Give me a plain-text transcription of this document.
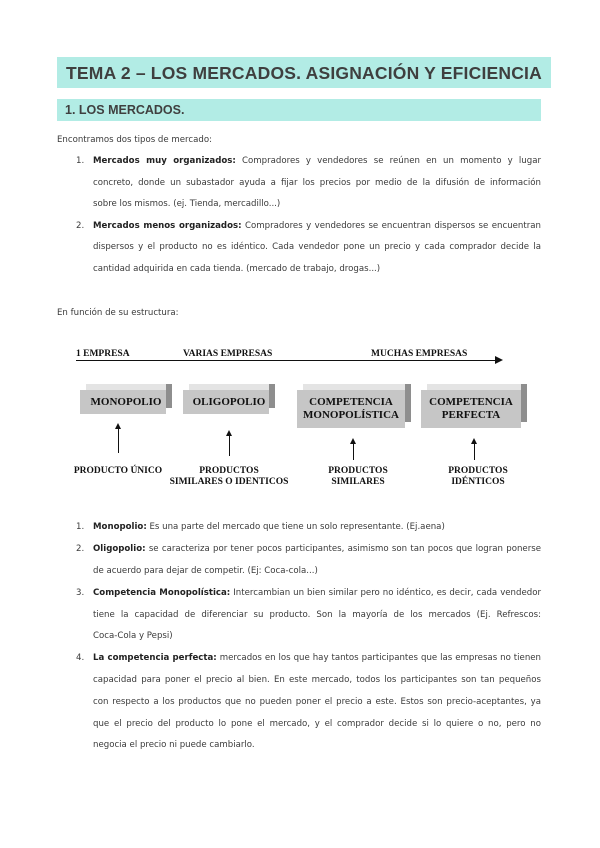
TEMA 2 – LOS MERCADOS. ASIGNACIÓN Y EFICIENCIA
1. LOS MERCADOS.
Encontramos dos tipos de mercado:
1. Mercados muy organizados: Compradores y vendedores se reúnen en un momento y lugar
concreto, donde un subastador ayuda a fijar los precios por medio de la difusión de información
sobre los mismos. (ej. Tienda, mercadillo...)
2. Mercados menos organizados: Compradores y vendedores se encuentran dispersos se encuentran
dispersos y el producto no es idéntico. Cada vendedor pone un precio y cada comprador decide la
cantidad adquirida en cada tienda. (mercado de trabajo, drogas...)
En función de su estructura:
1 EMPRESA	VARIAS EMPRESAS	MUCHAS EMPRESAS
MONOPOLIO	OLIGOPOLIO	COMPETENCIA
MONOPOLÍSTICA
COMPETENCIA
PERFECTA
PRODUCTO ÚNICO	PRODUCTOS
SIMILARES O IDENTICOS
PRODUCTOS
SIMILARES
PRODUCTOS
IDÉNTICOS
1. Monopolio: Es una parte del mercado que tiene un solo representante. (Ej.aena)
2. Oligopolio: se caracteriza por tener pocos participantes, asimismo son tan pocos que logran ponerse
de acuerdo para dejar de competir. (Ej: Coca-cola...)
3. Competencia Monopolística: Intercambian un bien similar pero no idéntico, es decir, cada vendedor
tiene la capacidad de diferenciar su producto. Son la mayoría de los mercados (Ej. Refrescos:
Coca-Cola y Pepsi)
4. La competencia perfecta: mercados en los que hay tantos participantes que las empresas no tienen
capacidad para poner el precio al bien. En este mercado, todos los participantes son tan pequeños
con respecto a los productos que no pueden poner el precio a este. Estos son precio-aceptantes, ya
que el precio del producto lo pone el mercado, y el comprador decide si lo quiere o no, pero no
negocia el precio ni puede cambiarlo.
